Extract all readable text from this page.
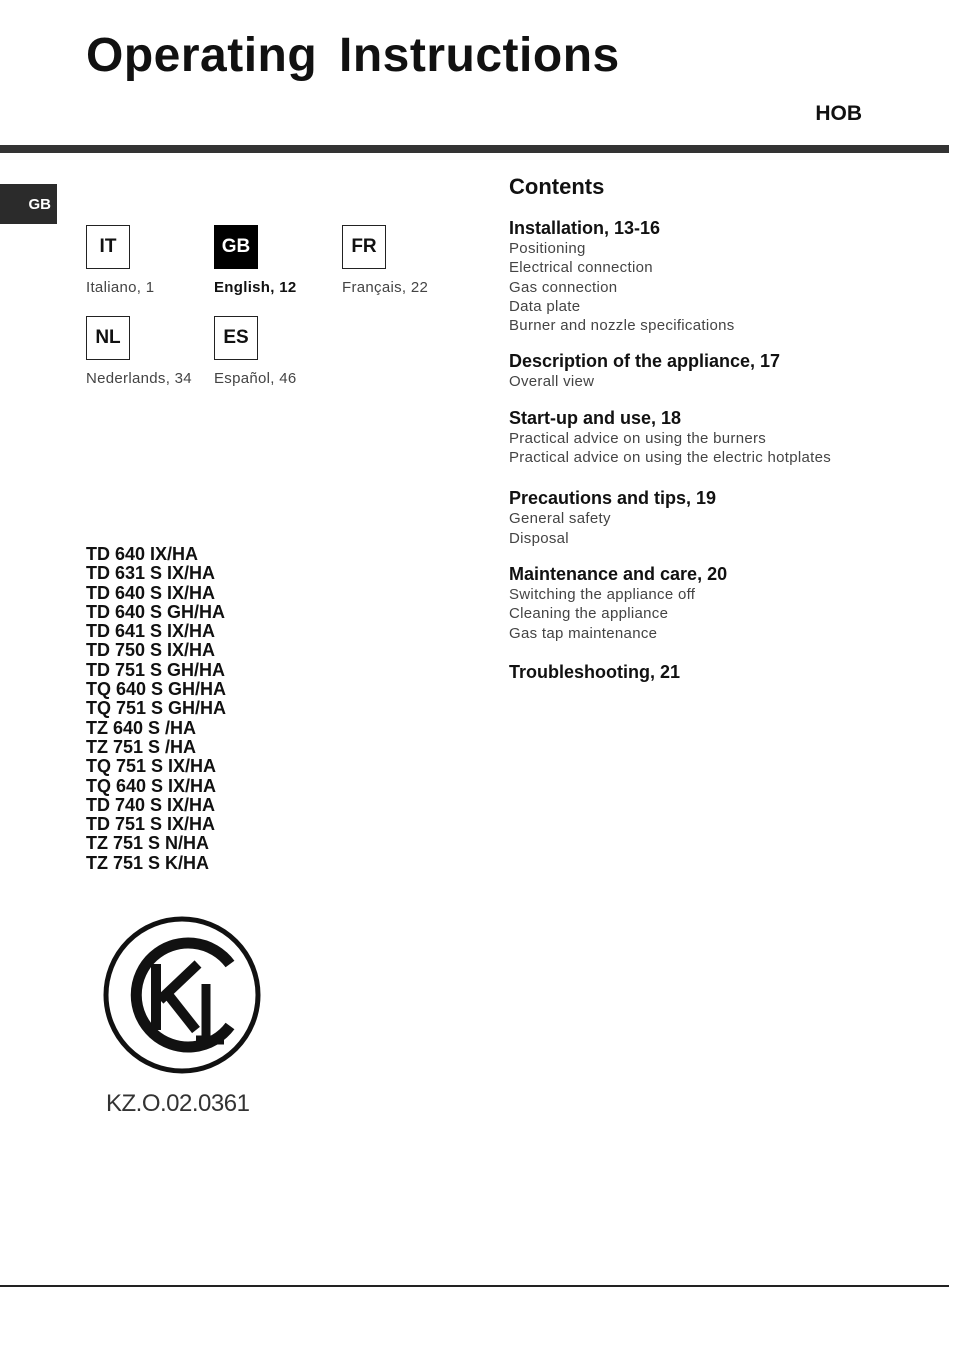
Operating Instructions
HOB
GB
IT
Italiano, 1
GB
English, 12
FR
Français, 22
NL
Nederlands, 34
ES
Español, 46
TD 640 IX/HA
TD 631 S IX/HA
TD 640 S IX/HA
TD 640 S GH/HA
TD 641 S IX/HA
TD 750 S IX/HA
TD 751 S GH/HA
TQ 640 S GH/HA
TQ 751 S GH/HA
TZ 640 S /HA
TZ 751 S /HA
TQ 751 S IX/HA
TQ 640 S IX/HA
TD 740 S IX/HA
TD 751 S IX/HA
TZ 751 S N/HA
TZ 751 S K/HA
KZ.O.02.0361
Contents
Installation, 13-16
Positioning
Electrical connection
Gas connection
Data plate
Burner and nozzle specifications
Description of the appliance, 17
Overall view
Start-up and use, 18
Practical advice on using the burners
Practical advice on using the electric hotplates
Precautions and tips, 19
General safety
Disposal
Maintenance and care, 20
Switching the appliance off
Cleaning the appliance
Gas tap maintenance
Troubleshooting, 21
